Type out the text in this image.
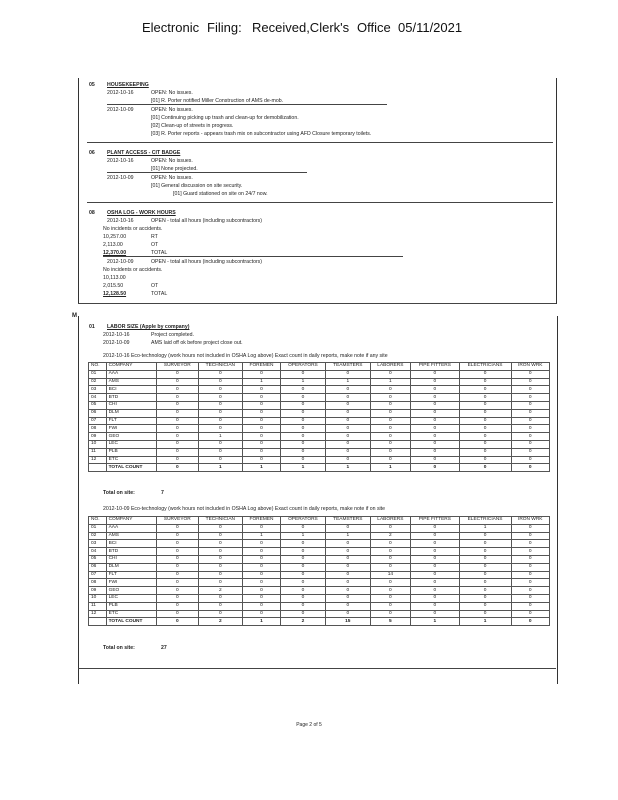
Electronic Filing: Received,Clerk's Office 05/11/2021
05 HOUSEKEEPING
2012-10-16	OPEN: No issues.
[01] R. Porter notified Miller Construction of AMS de-mob.
2012-10-09	OPEN: No issues.
[01] Continuing picking up trash and clean-up for demobilization.
[02] Clean-up of streets in progress.
[03] R. Porter reports - appears trash mix on subcontractor using AFD Closure temporary toilets.
06 PLANT ACCESS - CIT BADGE
2012-10-16	OPEN: No issues.
[01] None projected.
2012-10-09	OPEN: No issues.
[01] General discussion on site security.
[01] Guard stationed on site on 24/7 now.
08 OSHA LOG - WORK HOURS
2012-10-16	OPEN - total all hours (including subcontractors)
No incidents or accidents.
10,257.00	RT
2,113.00	OT
12,370.00	TOTAL
2012-10-09	OPEN - total all hours (including subcontractors)
No incidents or accidents.
10,113.00
2,015.50	OT
12,128.50	TOTAL
M
01 LABOR SIZE (Apple by company)
2012-10-16	Project completed.
2012-10-09	AMS laid off ok before project close out.
2012-10-16 Eco-technology (work hours not included in OSHA Log above) Exact count in daily reports, make note if any site
NO.	COMPANY	SURVEYOR	TECHNICIAN	FOREMEN	OPERATORS	TEAMSTERS	LABORERS	PIPE FITTERS	ELECTRICIANS	IRON WRK
01	AAA	0	0	0	0	0	0	0	0	0
02	AMS	0	0	1	1	1	1	0	0	0
03	BCI	0	0	0	0	0	0	0	0	0
04	BTD	0	0	0	0	0	0	0	0	0
05	CHI	0	0	0	0	0	0	0	0	0
06	DLM	0	0	0	0	0	0	0	0	0
07	FLT	0	0	0	0	0	0	0	0	0
08	FWI	0	0	0	0	0	0	0	0	0
09	GEO	0	1	0	0	0	0	0	0	0
10	LEC	0	0	0	0	0	0	0	0	0
11	PLB	0	0	0	0	0	0	0	0	0
12	ETC	0	0	0	0	0	0	0	0	0
	TOTAL COUNT	0	1	1	1	1	1	0	0	0
Total on site:	7
2012-10-09 Eco-technology (work hours not included in OSHA Log above) Exact count in daily reports, make note if on site
NO.	COMPANY	SURVEYOR	TECHNICIAN	FOREMEN	OPERATORS	TEAMSTERS	LABORERS	PIPE FITTERS	ELECTRICIANS	IRON WRK
01	AAA	0	0	0	0	0	0	0	1	0
02	AMS	0	0	1	1	1	2	0	0	0
03	BCI	0	0	0	0	0	0	0	0	0
04	BTD	0	0	0	0	0	0	0	0	0
05	CHI	0	0	0	0	0	0	0	0	0
06	DLM	0	0	0	0	0	0	0	0	0
07	FLT	0	0	0	0	0	14	0	0	0
08	FWI	0	0	0	0	0	0	0	0	0
09	GEO	0	2	0	0	0	0	0	0	0
10	LEC	0	0	0	0	0	0	0	0	0
11	PLB	0	0	0	0	0	0	0	0	0
12	ETC	0	0	0	0	0	0	0	0	0
	TOTAL COUNT	0	2	1	2	15	5	1	1	0
Total on site:	27
Page 2 of 5
